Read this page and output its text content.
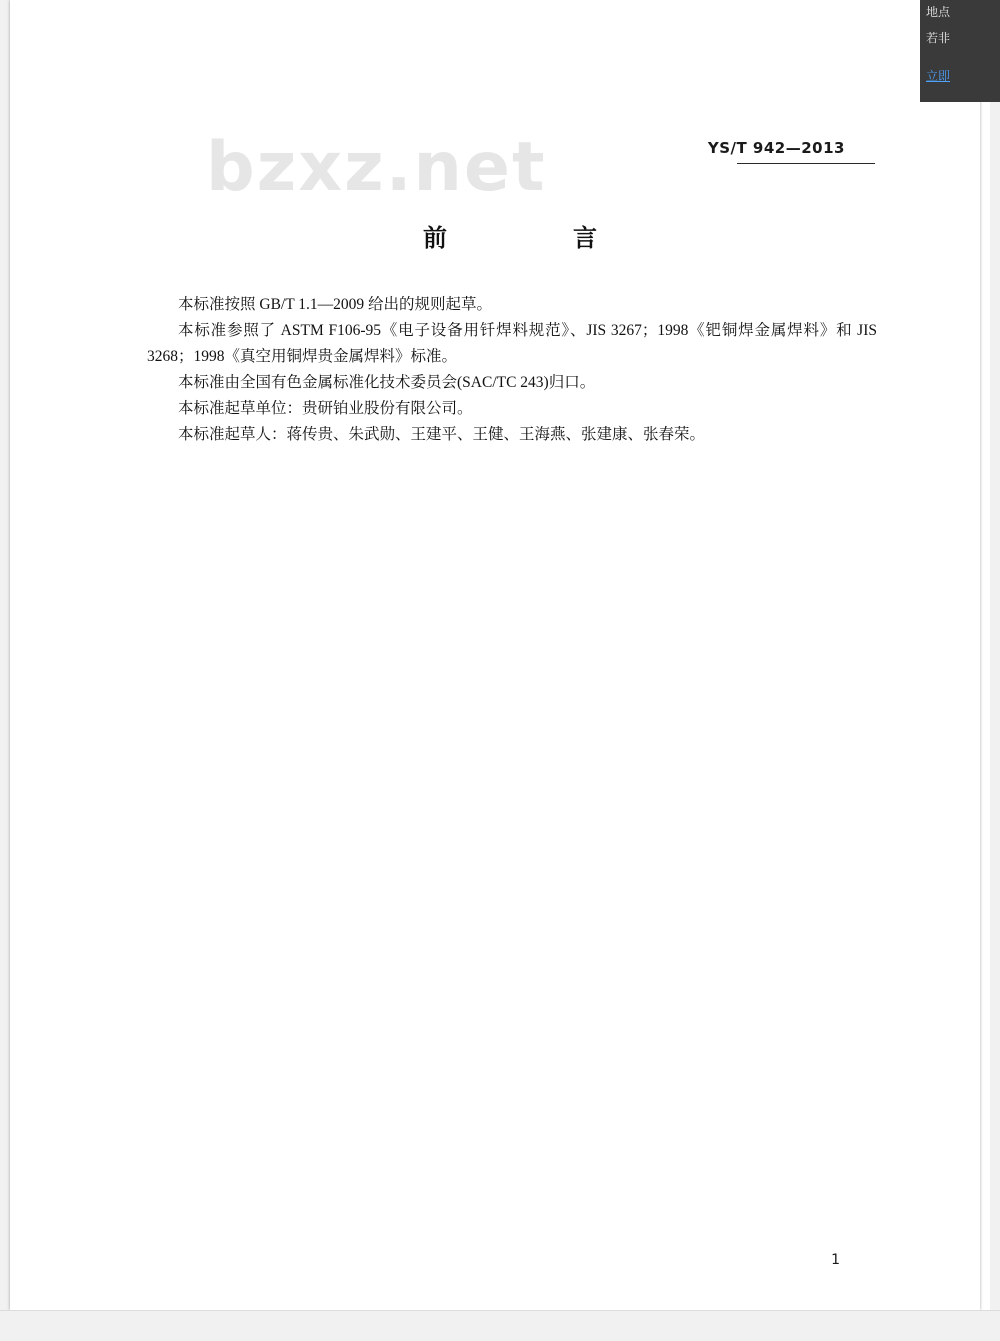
bzxz.net	YS/T 942—2013
前　　言

本标准按照 GB/T 1.1—2009 给出的规则起草。

本标准参照了 ASTM F106-95《电子设备用钎焊料规范》、JIS 3267；1998《钯铜焊金属焊料》和 JIS 3268；1998《真空用铜焊贵金属焊料》标准。

本标准由全国有色金属标准化技术委员会(SAC/TC 243)归口。

本标准起草单位：贵研铂业股份有限公司。

本标准起草人：蒋传贵、朱武勋、王建平、王健、王海燕、张建康、张春荣。

1
地点
若非
立即
